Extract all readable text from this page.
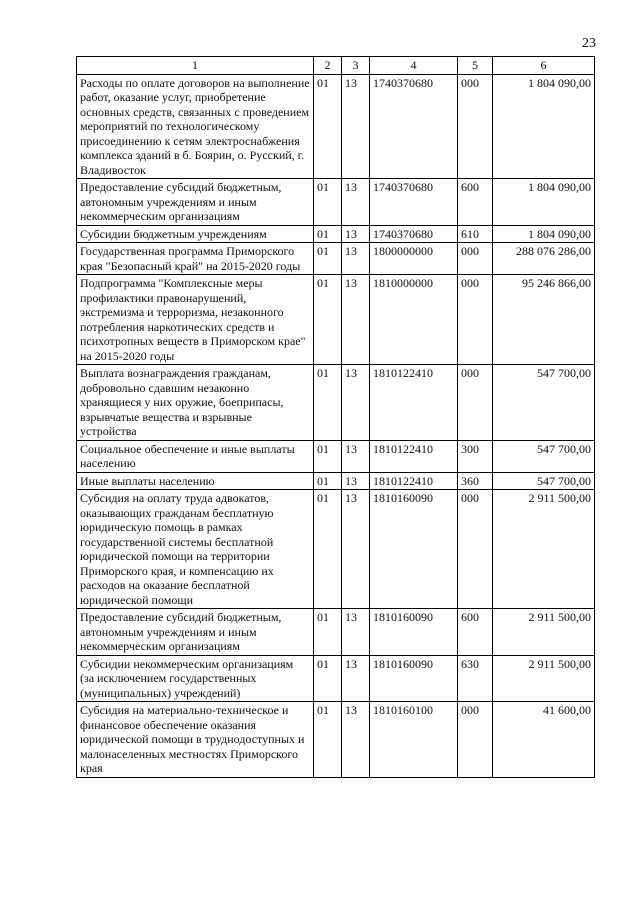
23
1	2	3	4	5	6
Расходы по оплате договоров на выполнение работ, оказание услуг, приобретение основных средств, связанных с проведением мероприятий по технологическому присоединению к сетям электроснабжения комплекса зданий в б. Боярин, о. Русский, г. Владивосток	01	13	1740370680	000	1 804 090,00
Предоставление субсидий бюджетным, автономным учреждениям и иным некоммерческим организациям	01	13	1740370680	600	1 804 090,00
Субсидии бюджетным учреждениям	01	13	1740370680	610	1 804 090,00
Государственная программа Приморского края "Безопасный край" на 2015-2020 годы	01	13	1800000000	000	288 076 286,00
Подпрограмма "Комплексные меры профилактики правонарушений, экстремизма и терроризма, незаконного потребления наркотических средств и психотропных веществ в Приморском крае" на 2015-2020 годы	01	13	1810000000	000	95 246 866,00
Выплата вознаграждения гражданам, добровольно сдавшим незаконно хранящиеся у них оружие, боеприпасы, взрывчатые вещества и взрывные устройства	01	13	1810122410	000	547 700,00
Социальное обеспечение и иные выплаты населению	01	13	1810122410	300	547 700,00
Иные выплаты населению	01	13	1810122410	360	547 700,00
Субсидия на оплату труда адвокатов, оказывающих гражданам бесплатную юридическую помощь в рамках государственной системы бесплатной юридической помощи на территории Приморского края, и компенсацию их расходов на оказание бесплатной юридической помощи	01	13	1810160090	000	2 911 500,00
Предоставление субсидий бюджетным, автономным учреждениям и иным некоммерческим организациям	01	13	1810160090	600	2 911 500,00
Субсидии некоммерческим организациям (за исключением государственных (муниципальных) учреждений)	01	13	1810160090	630	2 911 500,00
Субсидия на материально-техническое и финансовое обеспечение оказания юридической помощи в труднодоступных и малонаселенных местностях Приморского края	01	13	1810160100	000	41 600,00
